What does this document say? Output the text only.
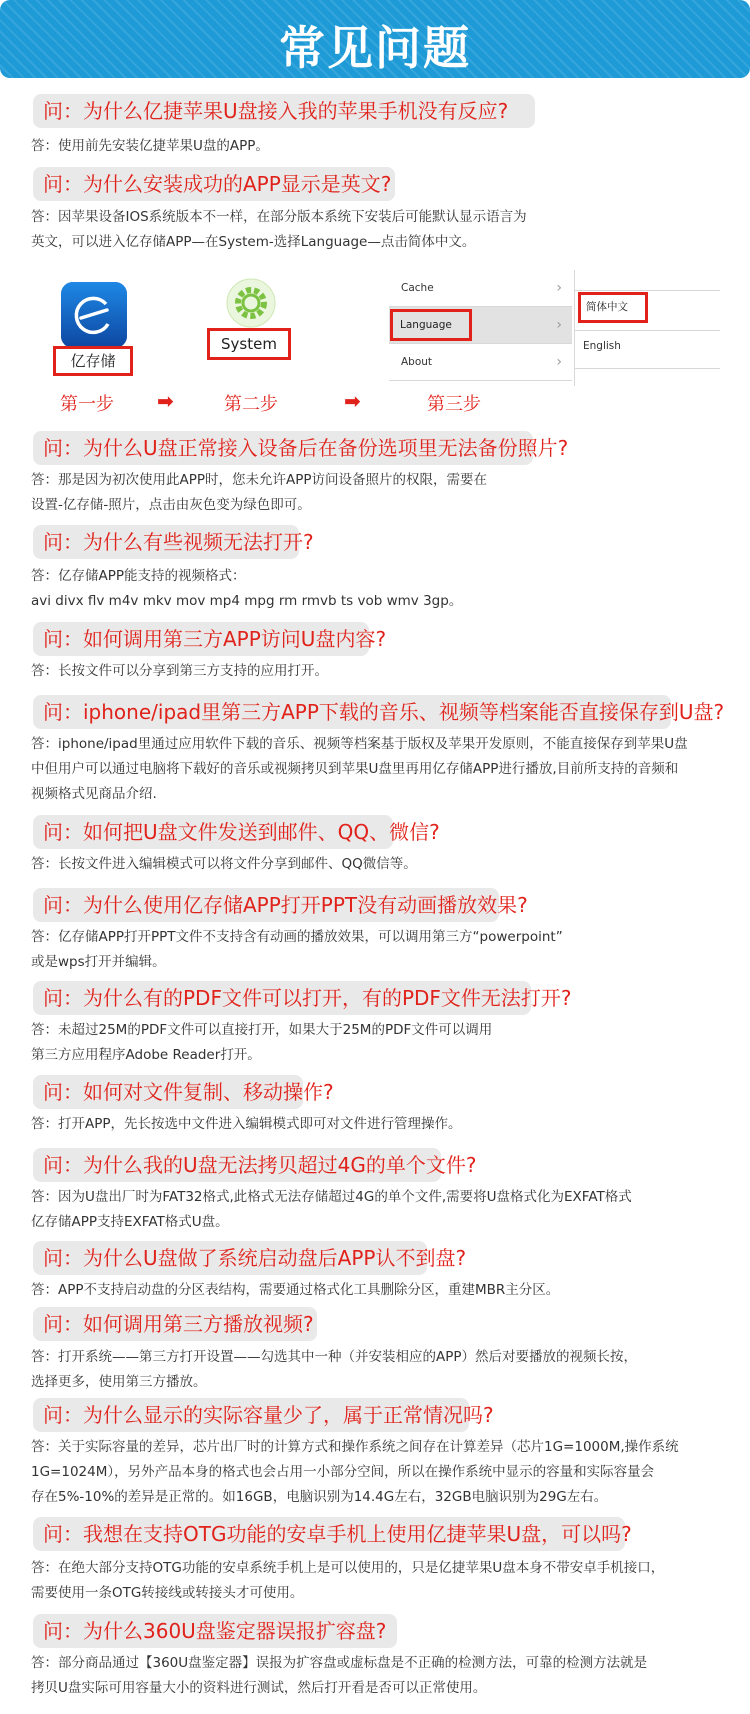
常见问题
问：为什么亿捷苹果U盘接入我的苹果手机没有反应?
答：使用前先安装亿捷苹果U盘的APP。
问：为什么安装成功的APP显示是英文?
答：因苹果设备IOS系统版本不一样，在部分版本系统下安装后可能默认显示语言为
英文，可以进入亿存储APP—在System-选择Language—点击简体中文。
亿存储
System
Cache	›
›
About	›
Language
简体中文
English
第一步 ➡	第二步	➡	第三步
问：为什么U盘正常接入设备后在备份选项里无法备份照片?
答：那是因为初次使用此APP时，您未允许APP访问设备照片的权限，需要在
设置-亿存储-照片，点击由灰色变为绿色即可。
问：为什么有些视频无法打开?
答：亿存储APP能支持的视频格式：
avi divx flv m4v mkv mov mp4 mpg rm rmvb ts vob wmv 3gp。
问：如何调用第三方APP访问U盘内容?
答：长按文件可以分享到第三方支持的应用打开。
问：iphone/ipad里第三方APP下载的音乐、视频等档案能否直接保存到U盘?
答：iphone/ipad里通过应用软件下载的音乐、视频等档案基于版权及苹果开发原则，不能直接保存到苹果U盘
中但用户可以通过电脑将下载好的音乐或视频拷贝到苹果U盘里再用亿存储APP进行播放,目前所支持的音频和
视频格式见商品介绍.
问：如何把U盘文件发送到邮件、QQ、微信?
答：长按文件进入编辑模式可以将文件分享到邮件、QQ微信等。
问：为什么使用亿存储APP打开PPT没有动画播放效果?
答：亿存储APP打开PPT文件不支持含有动画的播放效果，可以调用第三方“powerpoint”
或是wps打开并编辑。
问：为什么有的PDF文件可以打开，有的PDF文件无法打开?
答：未超过25M的PDF文件可以直接打开，如果大于25M的PDF文件可以调用
第三方应用程序Adobe Reader打开。
问：如何对文件复制、移动操作?
答：打开APP，先长按选中文件进入编辑模式即可对文件进行管理操作。
问：为什么我的U盘无法拷贝超过4G的单个文件?
答：因为U盘出厂时为FAT32格式,此格式无法存储超过4G的单个文件,需要将U盘格式化为EXFAT格式
亿存储APP支持EXFAT格式U盘。
问：为什么U盘做了系统启动盘后APP认不到盘?
答：APP不支持启动盘的分区表结构，需要通过格式化工具删除分区，重建MBR主分区。
问：如何调用第三方播放视频?
答：打开系统——第三方打开设置——勾选其中一种（并安装相应的APP）然后对要播放的视频长按，
选择更多，使用第三方播放。
问：为什么显示的实际容量少了，属于正常情况吗?
答：关于实际容量的差异，芯片出厂时的计算方式和操作系统之间存在计算差异（芯片1G=1000M,操作系统
1G=1024M），另外产品本身的格式也会占用一小部分空间，所以在操作系统中显示的容量和实际容量会
存在5%-10%的差异是正常的。如16GB，电脑识别为14.4G左右，32GB电脑识别为29G左右。
问：我想在支持OTG功能的安卓手机上使用亿捷苹果U盘，可以吗?
答：在绝大部分支持OTG功能的安卓系统手机上是可以使用的，只是亿捷苹果U盘本身不带安卓手机接口，
需要使用一条OTG转接线或转接头才可使用。
问：为什么360U盘鉴定器误报扩容盘?
答：部分商品通过【360U盘鉴定器】误报为扩容盘或虚标盘是不正确的检测方法，可靠的检测方法就是
拷贝U盘实际可用容量大小的资料进行测试，然后打开看是否可以正常使用。
